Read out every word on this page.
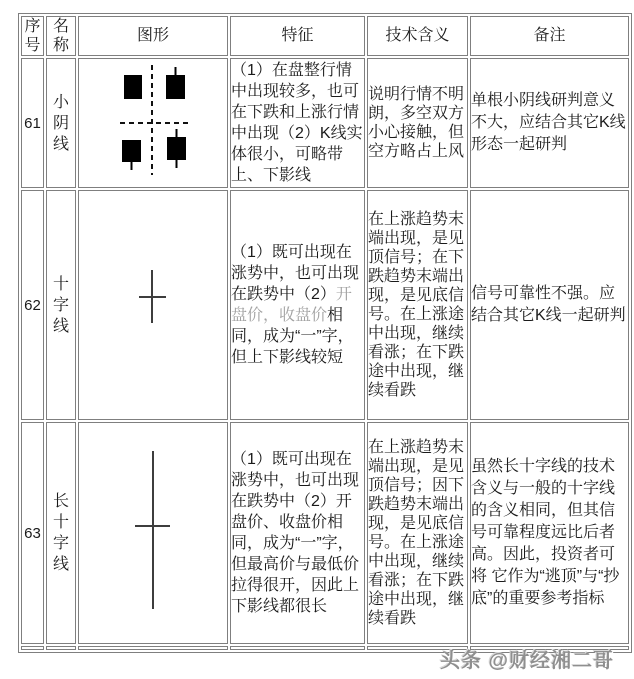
序号	名称	图形	特征	技术含义	备注
61	小阴线		（1）在盘整行情中出现较多，也可在下跌和上涨行情中出现（2）K线实体很小，可略带上、下影线	说明行情不明朗，多空双方小心接触，但空方略占上风	单根小阴线研判意义不大，应结合其它K线形态一起研判
62	十字线		（1）既可出现在涨势中，也可出现在跌势中（2）开盘价，收盘价相同，成为“一”字，但上下影线较短	在上涨趋势末端出现，是见顶信号；在下跌趋势末端出现，是见底信号。在上涨途中出现，继续看涨；在下跌途中出现，继续看跌	信号可靠性不强。应结合其它K线一起研判
63	长十字线		（1）既可出现在涨势中，也可出现在跌势中（2）开盘价、收盘价相同，成为“一”字，但最高价与最低价拉得很开，因此上下影线都很长	在上涨趋势末端出现，是见顶信号；因下跌趋势末端出现，是见底信号。在上涨途中出现，继续看涨；在下跌途中出现，继续看跌	虽然长十字线的技术含义与一般的十字线的含义相同，但其信号可靠程度远比后者高。因此，投资者可将 它作为“逃顶”与“抄底”的重要参考指标

头条 @财经湘二哥
